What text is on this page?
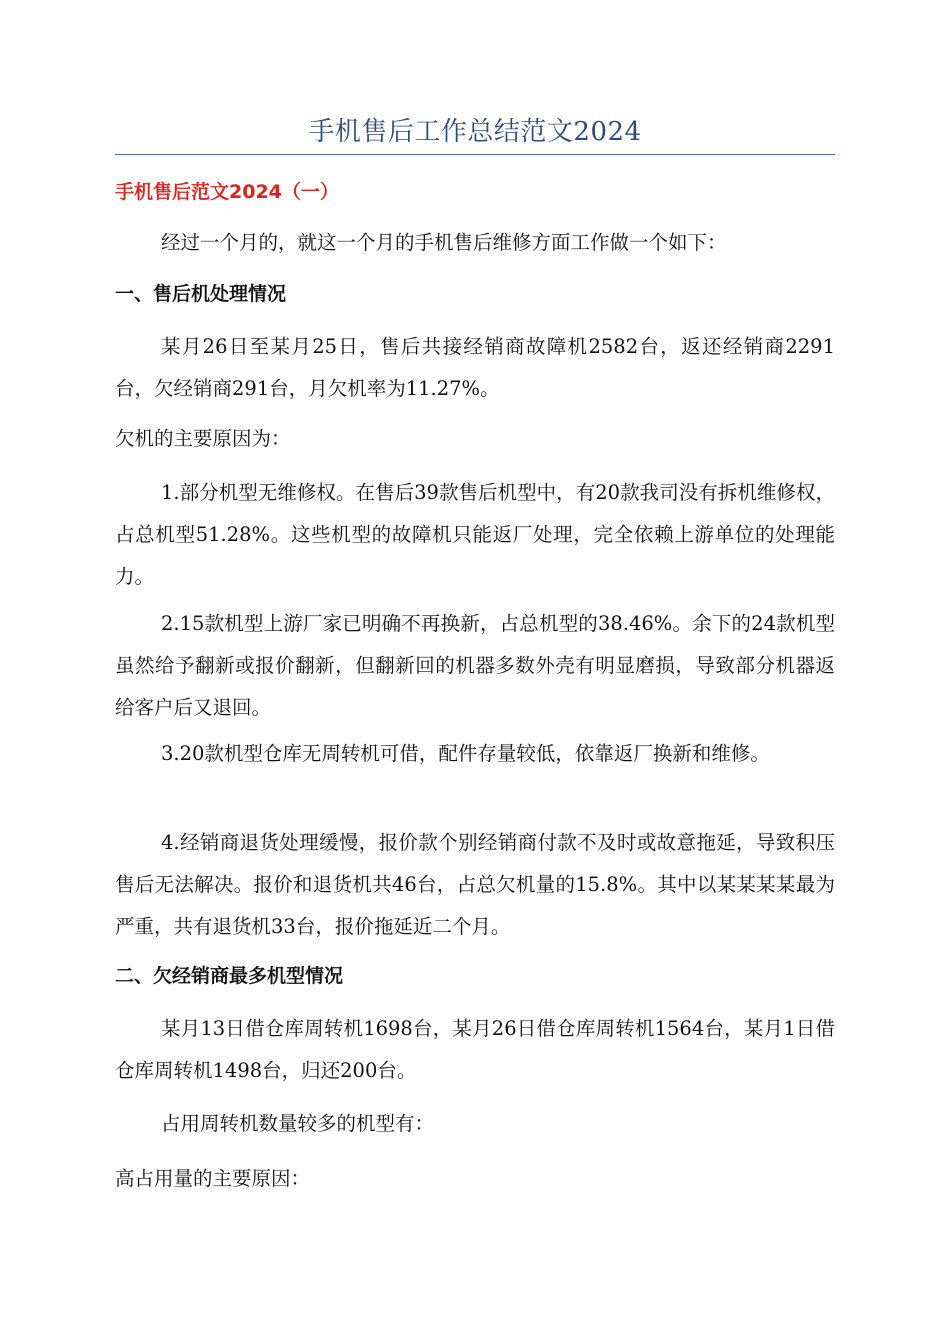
手机售后工作总结范文2024
手机售后范文2024（一）

经过一个月的，就这一个月的手机售后维修方面工作做一个如下：

一、售后机处理情况

某月26日至某月25日，售后共接经销商故障机2582台，返还经销商2291台，欠经销商291台，月欠机率为11.27%。

欠机的主要原因为：

1.部分机型无维修权。在售后39款售后机型中，有20款我司没有拆机维修权，占总机型51.28%。这些机型的故障机只能返厂处理，完全依赖上游单位的处理能力。

2.15款机型上游厂家已明确不再换新，占总机型的38.46%。余下的24款机型虽然给予翻新或报价翻新，但翻新回的机器多数外壳有明显磨损，导致部分机器返给客户后又退回。

3.20款机型仓库无周转机可借，配件存量较低，依靠返厂换新和维修。

4.经销商退货处理缓慢，报价款个别经销商付款不及时或故意拖延，导致积压售后无法解决。报价和退货机共46台，占总欠机量的15.8%。其中以某某某某最为严重，共有退货机33台，报价拖延近二个月。

二、欠经销商最多机型情况

某月13日借仓库周转机1698台，某月26日借仓库周转机1564台，某月1日借仓库周转机1498台，归还200台。

占用周转机数量较多的机型有：

高占用量的主要原因：
